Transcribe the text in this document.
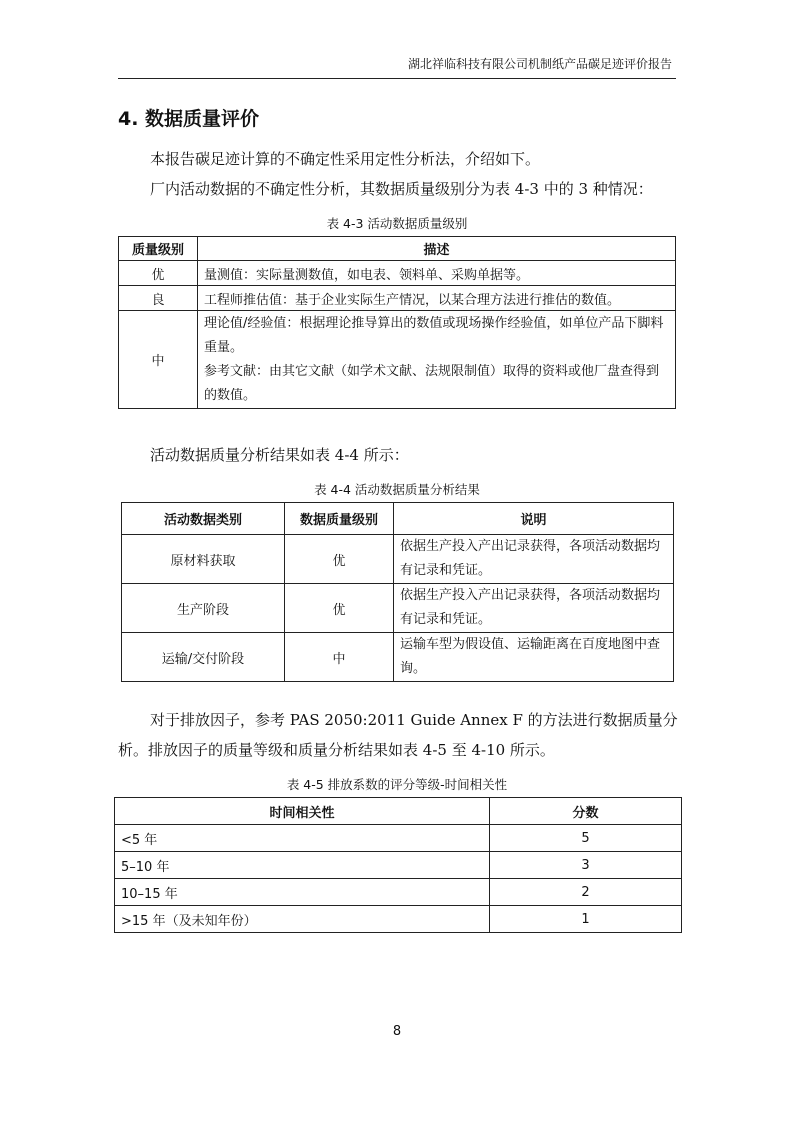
湖北祥临科技有限公司机制纸产品碳足迹评价报告
4. 数据质量评价
本报告碳足迹计算的不确定性采用定性分析法，介绍如下。
厂内活动数据的不确定性分析，其数据质量级别分为表 4-3 中的 3 种情况：
表 4-3 活动数据质量级别
质量级别	描述
优	量测值：实际量测数值，如电表、领料单、采购单据等。
良	工程师推估值：基于企业实际生产情况，以某合理方法进行推估的数值。
中	理论值/经验值：根据理论推导算出的数值或现场操作经验值，如单位产品下脚料重量。
参考文献：由其它文献（如学术文献、法规限制值）取得的资料或他厂盘查得到的数值。
活动数据质量分析结果如表 4-4 所示：
表 4-4 活动数据质量分析结果
活动数据类别	数据质量级别	说明
原材料获取	优	依据生产投入产出记录获得，各项活动数据均有记录和凭证。
生产阶段	优	依据生产投入产出记录获得，各项活动数据均有记录和凭证。
运输/交付阶段	中	运输车型为假设值、运输距离在百度地图中查询。
对于排放因子，参考 PAS 2050:2011 Guide Annex F 的方法进行数据质量分析。排放因子的质量等级和质量分析结果如表 4-5 至 4-10 所示。
表 4-5 排放系数的评分等级-时间相关性
时间相关性	分数
<5 年	5
5–10 年	3
10–15 年	2
>15 年（及未知年份）	1
8
